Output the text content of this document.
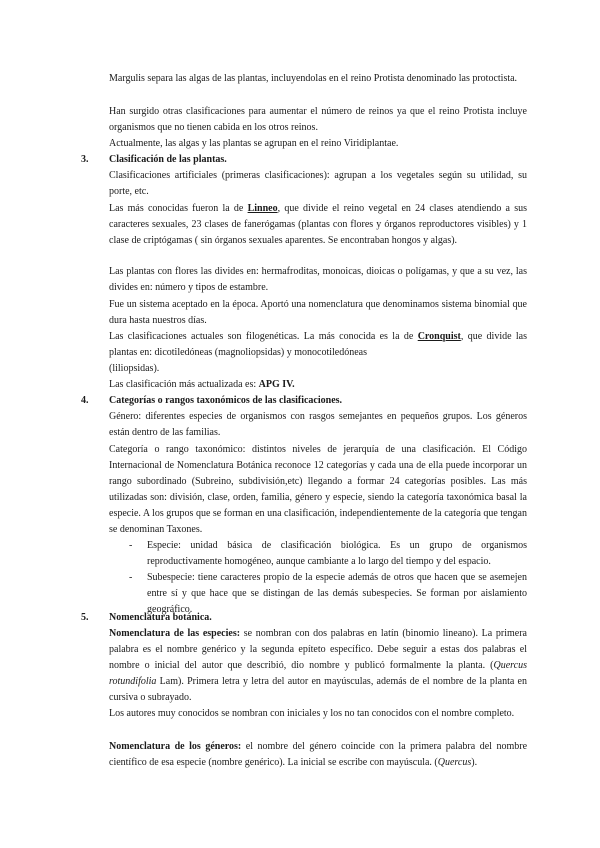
Margulis separa las algas de las plantas, incluyendolas en el reino Protista denominado las protoctista.

Han surgido otras clasificaciones para aumentar el número de reinos ya que el reino Protista incluye organismos que no tienen cabida en los otros reinos.

Actualmente, las algas y las plantas se agrupan en el reino Viridiplantae.

3. Clasificación de las plantas.

Clasificaciones artificiales (primeras clasificaciones): agrupan a los vegetales según su utilidad, su porte, etc.

Las más conocidas fueron la de Linneo, que divide el reino vegetal en 24 clases atendiendo a sus caracteres sexuales, 23 clases de fanerógamas (plantas con flores y órganos reproductores visibles) y 1 clase de criptógamas ( sin órganos sexuales aparentes. Se encontraban hongos y algas).

Las plantas con flores las divides en: hermafroditas, monoicas, dioicas o polígamas, y que a su vez, las divides en: número y tipos de estambre.

Fue un sistema aceptado en la época. Aportó una nomenclatura que denominamos sistema binomial que dura hasta nuestros días.

Las clasificaciones actuales son filogenéticas. La más conocida es la de Cronquist, que divide las plantas en: dicotiledóneas (magnoliopsidas) y monocotiledóneas
(liliopsidas).

Las clasificación más actualizada es: APG IV.

4. Categorías o rangos taxonómicos de las clasificaciones.

Género: diferentes especies de organismos con rasgos semejantes en pequeños grupos. Los géneros están dentro de las familias.

Categoría o rango taxonómico: distintos niveles de jerarquía de una clasificación. El Código Internacional de Nomenclatura Botánica reconoce 12 categorías y cada una de ella puede incorporar un rango subordinado (Subreino, subdivisión,etc) llegando a formar 24 categorías posibles. Las más utilizadas son: división, clase, orden, familia, género y especie, siendo la categoría taxonómica basal la especie. A los grupos que se forman en una clasificación, independientemente de la categoría que tengan se denominan Taxones.

- Especie: unidad básica de clasificación biológica. Es un grupo de organismos reproductivamente homogéneo, aunque cambiante a lo largo del tiempo y del espacio.

- Subespecie: tiene caracteres propio de la especie además de otros que hacen que se asemejen entre sí y que hace que se distingan de las demás subespecies. Se forman por aislamiento geográfico.

5. Nomenclatura botánica.

Nomenclatura de las especies: se nombran con dos palabras en latín (binomio lineano). La primera palabra es el nombre genérico y la segunda epíteto específico. Debe seguir a estas dos palabras el nombre o inicial del autor que describió, dio nombre y publicó formalmente la planta. (Quercus rotundifolia Lam). Primera letra y letra del autor en mayúsculas, además de el nombre de la planta en cursiva o subrayado.

Los autores muy conocidos se nombran con iniciales y los no tan conocidos con el nombre completo.

Nomenclatura de los géneros: el nombre del género coincide con la primera palabra del nombre científico de esa especie (nombre genérico). La inicial se escribe con mayúscula. (Quercus).
